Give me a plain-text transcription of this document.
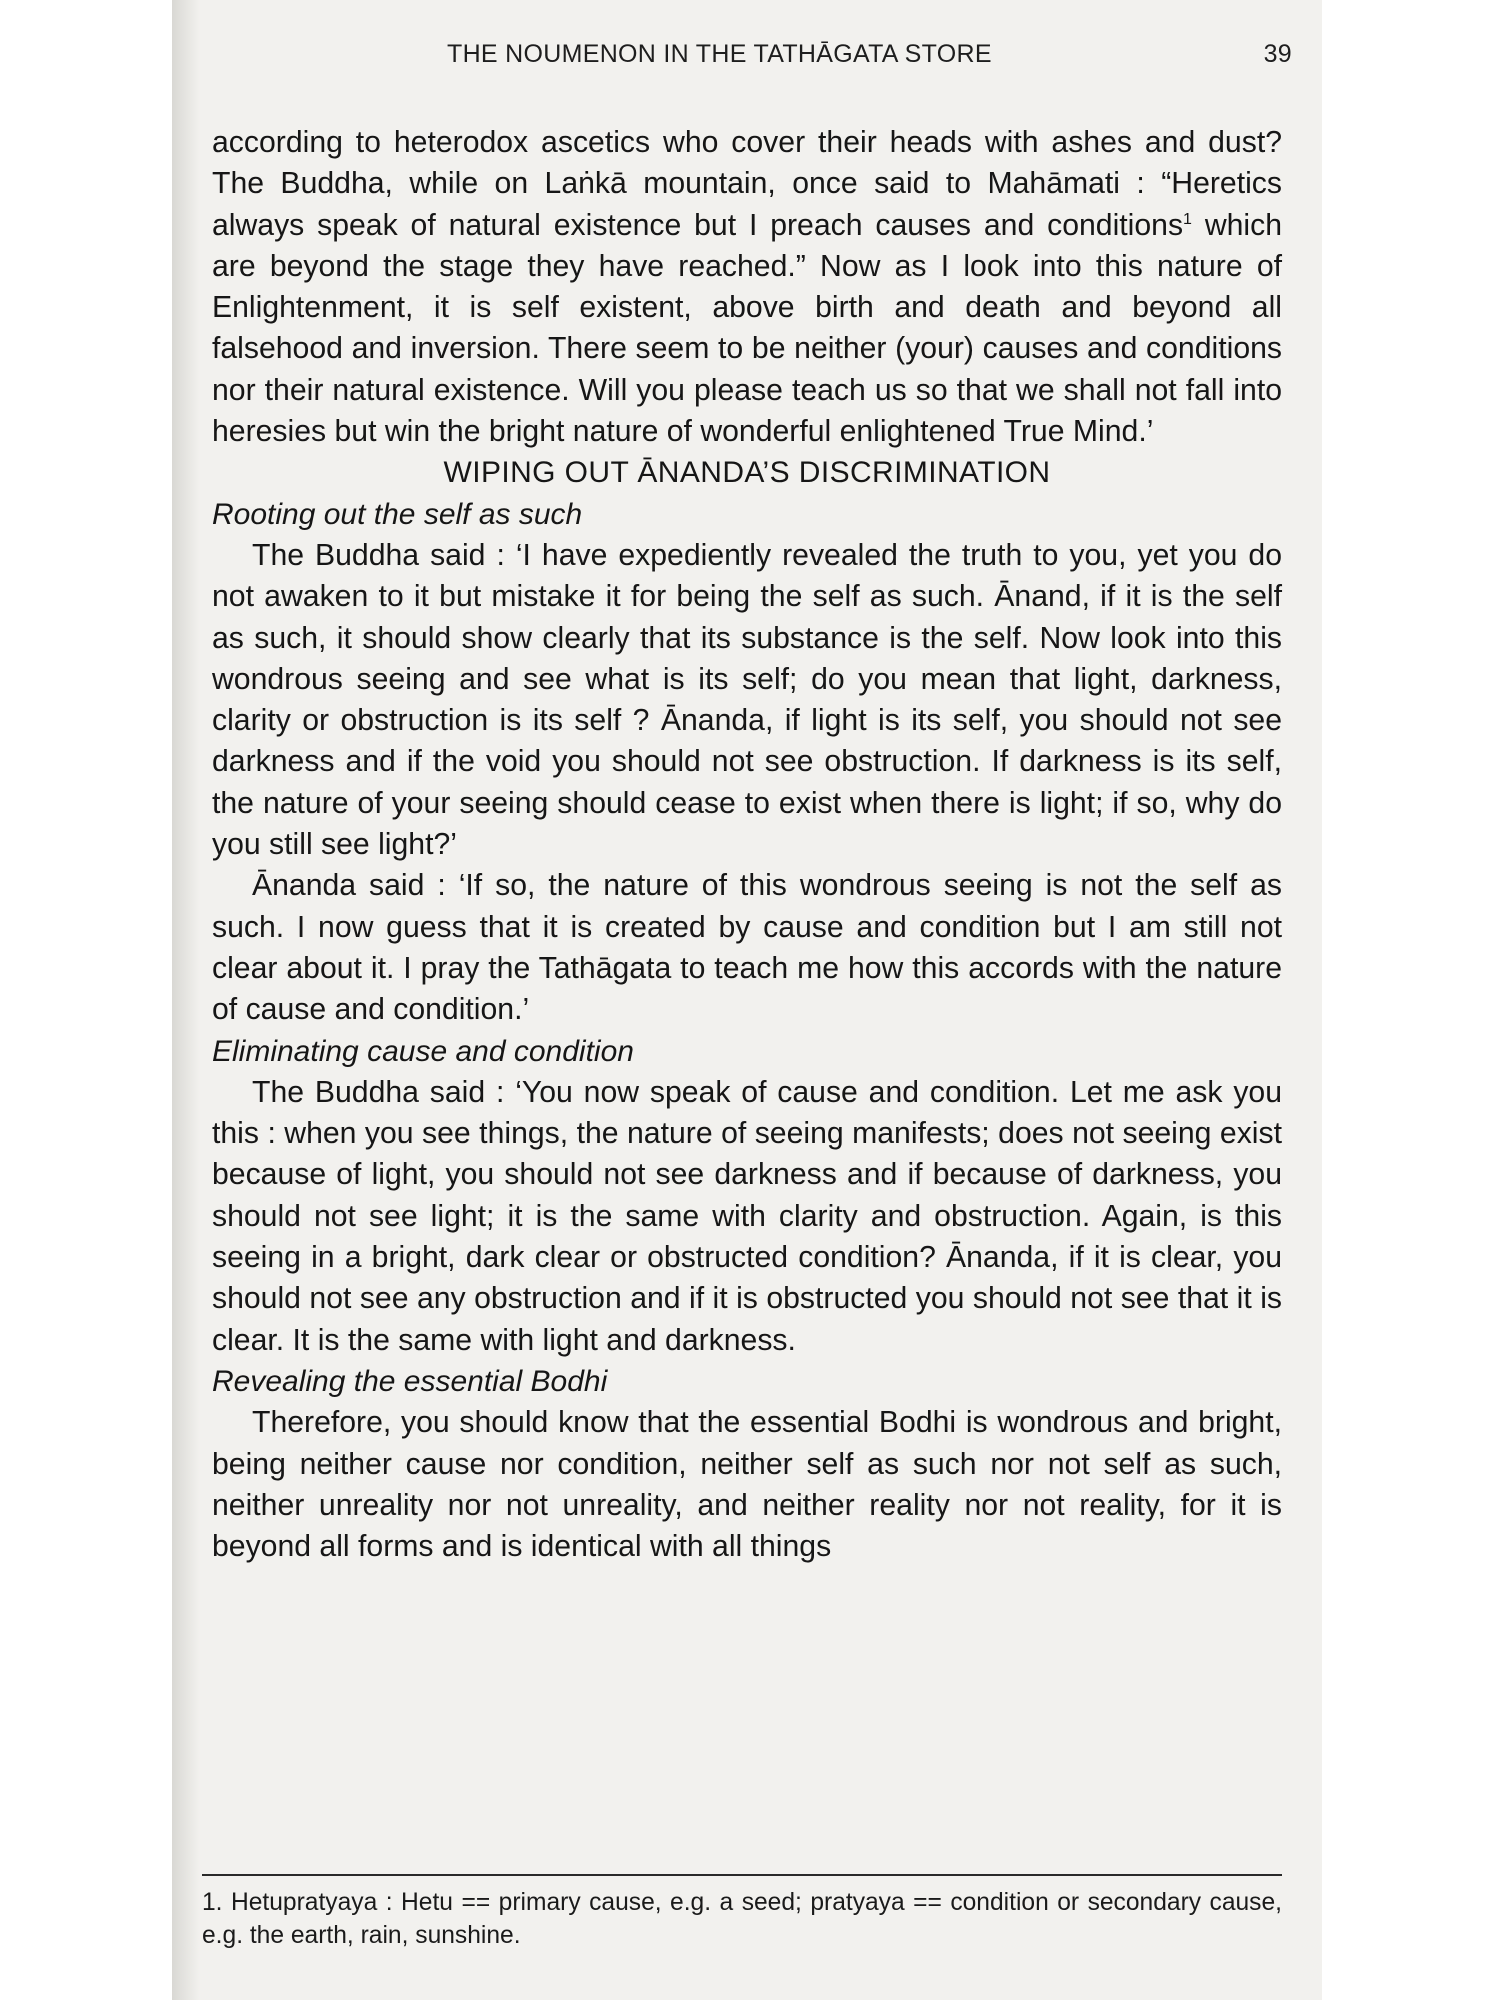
THE NOUMENON IN THE TATHĀGATA STORE	39

according to heterodox ascetics who cover their heads with ashes and dust? The Buddha, while on Laṅkā mountain, once said to Mahāmati : “Heretics always speak of natural existence but I preach causes and conditions$^1$ which are beyond the stage they have reached.” Now as I look into this nature of Enlightenment, it is self existent, above birth and death and beyond all falsehood and inversion. There seem to be neither (your) causes and conditions nor their natural existence. Will you please teach us so that we shall not fall into heresies but win the bright nature of wonderful enlightened True Mind.’

WIPING OUT ĀNANDA’S DISCRIMINATION
Rooting out the self as such

The Buddha said : ‘I have expediently revealed the truth to you, yet you do not awaken to it but mistake it for being the self as such. Ānand, if it is the self as such, it should show clearly that its substance is the self. Now look into this wondrous seeing and see what is its self; do you mean that light, darkness, clarity or obstruction is its self ? Ānanda, if light is its self, you should not see darkness and if the void you should not see obstruction. If darkness is its self, the nature of your seeing should cease to exist when there is light; if so, why do you still see light?’

Ānanda said : ‘If so, the nature of this wondrous seeing is not the self as such. I now guess that it is created by cause and condition but I am still not clear about it. I pray the Tathāgata to teach me how this accords with the nature of cause and condition.’

Eliminating cause and condition

The Buddha said : ‘You now speak of cause and condition. Let me ask you this : when you see things, the nature of seeing manifests; does not seeing exist because of light, you should not see darkness and if because of darkness, you should not see light; it is the same with clarity and obstruction. Again, is this seeing in a bright, dark clear or obstructed condition? Ānanda, if it is clear, you should not see any obstruction and if it is obstructed you should not see that it is clear. It is the same with light and darkness.

Revealing the essential Bodhi

Therefore, you should know that the essential Bodhi is wondrous and bright, being neither cause nor condition, neither self as such nor not self as such, neither unreality nor not unreality, and neither reality nor not reality, for it is beyond all forms and is identical with all things

1. Hetupratyaya : Hetu == primary cause, e.g. a seed; pratyaya == condition or secondary cause, e.g. the earth, rain, sunshine.
